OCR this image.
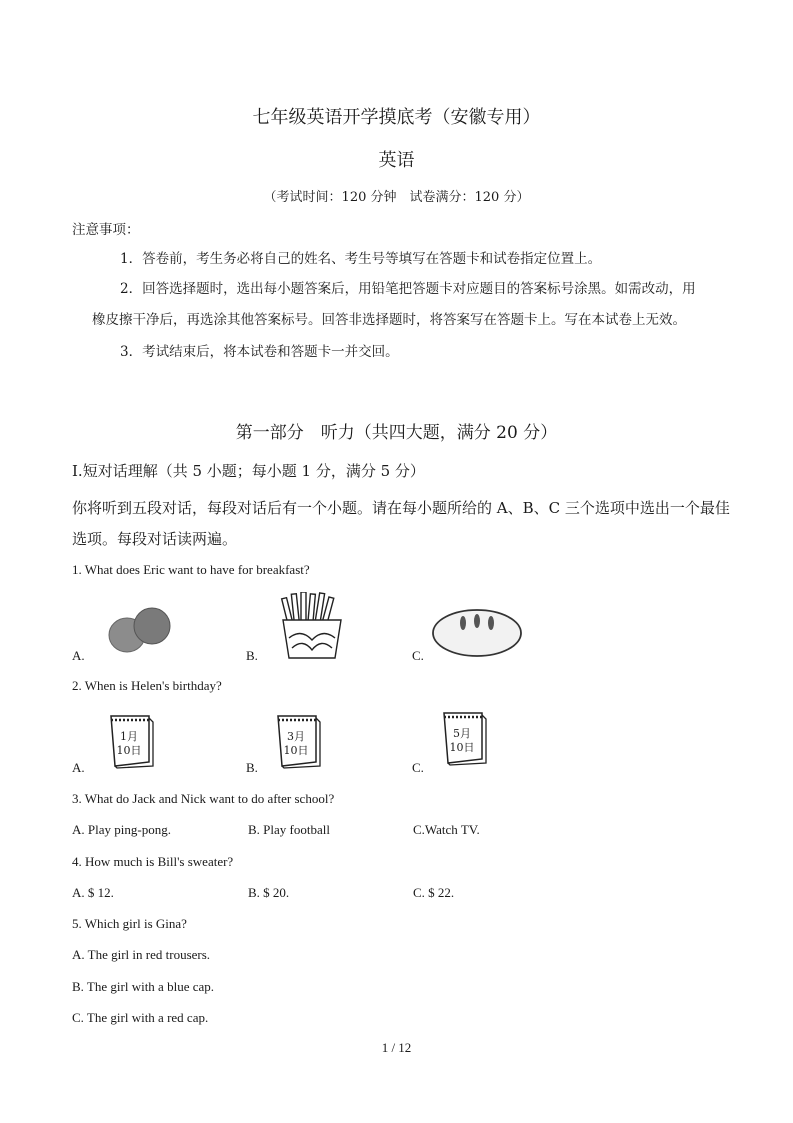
七年级英语开学摸底考（安徽专用）
英语
（考试时间：120 分钟　试卷满分：120 分）
注意事项：
1．答卷前，考生务必将自己的姓名、考生号等填写在答题卡和试卷指定位置上。
2．回答选择题时，选出每小题答案后，用铅笔把答题卡对应题目的答案标号涂黑。如需改动，用
橡皮擦干净后，再选涂其他答案标号。回答非选择题时，将答案写在答题卡上。写在本试卷上无效。
3．考试结束后，将本试卷和答题卡一并交回。
第一部分　听力（共四大题，满分 20 分）
Ⅰ.短对话理解（共 5 小题；每小题 1 分，满分 5 分）
你将听到五段对话，每段对话后有一个小题。请在每小题所给的 A、B、C 三个选项中选出一个最佳选项。每段对话读两遍。
1. What does Eric want to have for breakfast?
A.	B.	C.
2. When is Helen's birthday?
A.	B.	C.
1月
10日
3月
10日
5月
10日
3. What do Jack and Nick want to do after school?
A. Play ping-pong.	B. Play football	C.Watch TV.
4. How much is Bill's sweater?
A. $ 12.	B. $ 20.	C. $ 22.
5. Which girl is Gina?
A. The girl in red trousers.
B. The girl with a blue cap.
C. The girl with a red cap.
1 / 12
